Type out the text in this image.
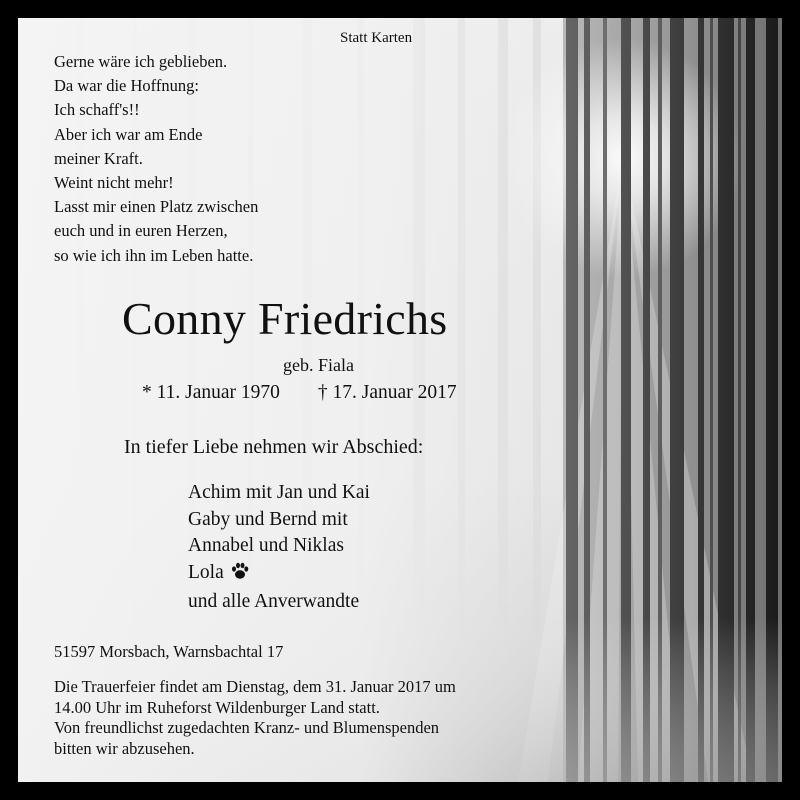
Statt Karten
Gerne wäre ich geblieben.
Da war die Hoffnung:
Ich schaff's!!
Aber ich war am Ende
meiner Kraft.
Weint nicht mehr!
Lasst mir einen Platz zwischen
euch und in euren Herzen,
so wie ich ihn im Leben hatte.
Conny Friedrichs
geb. Fiala
* 11. Januar 1970 † 17. Januar 2017
In tiefer Liebe nehmen wir Abschied:
Achim mit Jan und Kai
Gaby und Bernd mit
Annabel und Niklas
Lola
und alle Anverwandte
51597 Morsbach, Warnsbachtal 17
Die Trauerfeier findet am Dienstag, dem 31. Januar 2017 um
14.00 Uhr im Ruheforst Wildenburger Land statt.
Von freundlichst zugedachten Kranz- und Blumenspenden
bitten wir abzusehen.
